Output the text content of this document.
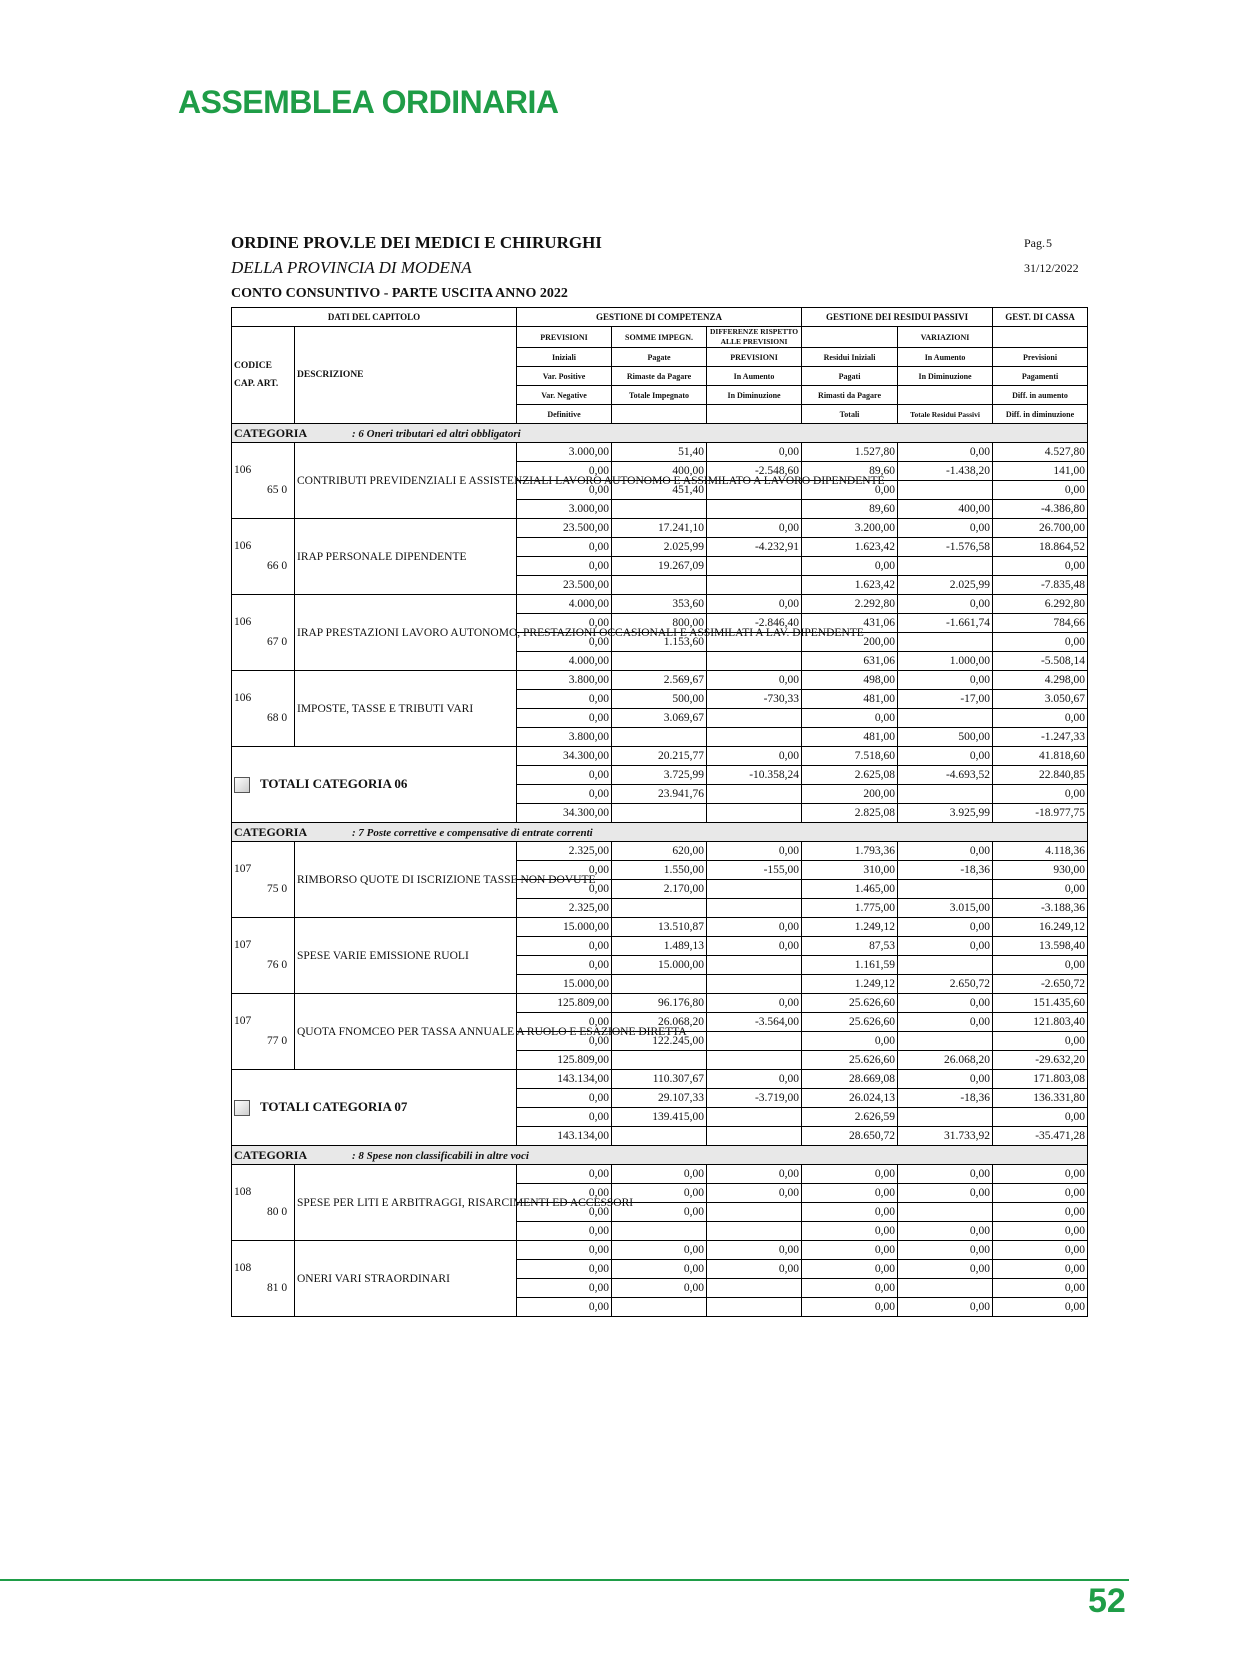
ASSEMBLEA ORDINARIA
ORDINE PROV.LE DEI MEDICI E CHIRURGHI
DELLA PROVINCIA DI MODENA
CONTO CONSUNTIVO - PARTE USCITA ANNO 2022
Pag. 5
31/12/2022
DATI DEL CAPITOLO		GESTIONE DI COMPETENZA			GESTIONE DEI RESIDUI PASSIVI		GEST. DI CASSA

CODICE
CAP. ART.	DESCRIZIONE	PREVISIONI	SOMME IMPEGN.	DIFFERENZE RISPETTO ALLE PREVISIONI		VARIAZIONI	
		Iniziali	Pagate	PREVISIONI	Residui Iniziali	In Aumento	Previsioni
		Var. Positive	Rimaste da Pagare	In Aumento	Pagati	In Diminuzione	Pagamenti
		Var. Negative	Totale Impegnato	In Diminuzione	Rimasti da Pagare		Diff. in aumento
		Definitive			Totali	Totale Residui Passivi	Diff. in diminuzione
CATEGORIA : 6 Oneri tributari ed altri obbligatori							

106
65 0	CONTRIBUTI PREVIDENZIALI E ASSISTENZIALI LAVORO AUTONOMO E ASSIMILATO A LAVORO DIPENDENTE	3.000,00	51,40	0,00	1.527,80	0,00	4.527,80
		0,00	400,00	-2.548,60	89,60	-1.438,20	141,00
		0,00	451,40		0,00		0,00
		3.000,00			89,60	400,00	-4.386,80

106
66 0	IRAP PERSONALE DIPENDENTE	23.500,00	17.241,10	0,00	3.200,00	0,00	26.700,00
		0,00	2.025,99	-4.232,91	1.623,42	-1.576,58	18.864,52
		0,00	19.267,09		0,00		0,00
		23.500,00			1.623,42	2.025,99	-7.835,48

106
67 0	IRAP PRESTAZIONI LAVORO AUTONOMO, PRESTAZIONI OCCASIONALI E ASSIMILATI A LAV. DIPENDENTE	4.000,00	353,60	0,00	2.292,80	0,00	6.292,80
		0,00	800,00	-2.846,40	431,06	-1.661,74	784,66
		0,00	1.153,60		200,00		0,00
		4.000,00			631,06	1.000,00	-5.508,14

106
68 0	IMPOSTE, TASSE E TRIBUTI VARI	3.800,00	2.569,67	0,00	498,00	0,00	4.298,00
		0,00	500,00	-730,33	481,00	-17,00	3.050,67
		0,00	3.069,67		0,00		0,00
		3.800,00			481,00	500,00	-1.247,33
TOTALI CATEGORIA 06		34.300,00	20.215,77	0,00	7.518,60	0,00	41.818,60
		0,00	3.725,99	-10.358,24	2.625,08	-4.693,52	22.840,85
		0,00	23.941,76		200,00		0,00
		34.300,00			2.825,08	3.925,99	-18.977,75
CATEGORIA : 7 Poste correttive e compensative di entrate correnti							

107
75 0	RIMBORSO QUOTE DI ISCRIZIONE TASSE NON DOVUTE	2.325,00	620,00	0,00	1.793,36	0,00	4.118,36
		0,00	1.550,00	-155,00	310,00	-18,36	930,00
		0,00	2.170,00		1.465,00		0,00
		2.325,00			1.775,00	3.015,00	-3.188,36

107
76 0	SPESE VARIE EMISSIONE RUOLI	15.000,00	13.510,87	0,00	1.249,12	0,00	16.249,12
		0,00	1.489,13	0,00	87,53	0,00	13.598,40
		0,00	15.000,00		1.161,59		0,00
		15.000,00			1.249,12	2.650,72	-2.650,72

107
77 0	QUOTA FNOMCEO PER TASSA ANNUALE A RUOLO E ESAZIONE DIRETTA	125.809,00	96.176,80	0,00	25.626,60	0,00	151.435,60
		0,00	26.068,20	-3.564,00	25.626,60	0,00	121.803,40
		0,00	122.245,00		0,00		0,00
		125.809,00			25.626,60	26.068,20	-29.632,20
TOTALI CATEGORIA 07		143.134,00	110.307,67	0,00	28.669,08	0,00	171.803,08
		0,00	29.107,33	-3.719,00	26.024,13	-18,36	136.331,80
		0,00	139.415,00		2.626,59		0,00
		143.134,00			28.650,72	31.733,92	-35.471,28
CATEGORIA : 8 Spese non classificabili in altre voci							

108
80 0	SPESE PER LITI E ARBITRAGGI, RISARCIMENTI ED ACCESSORI	0,00	0,00	0,00	0,00	0,00	0,00
		0,00	0,00	0,00	0,00	0,00	0,00
		0,00	0,00		0,00		0,00
		0,00			0,00	0,00	0,00

108
81 0	ONERI VARI STRAORDINARI	0,00	0,00	0,00	0,00	0,00	0,00
		0,00	0,00	0,00	0,00	0,00	0,00
		0,00	0,00		0,00		0,00
		0,00			0,00	0,00	0,00
52
